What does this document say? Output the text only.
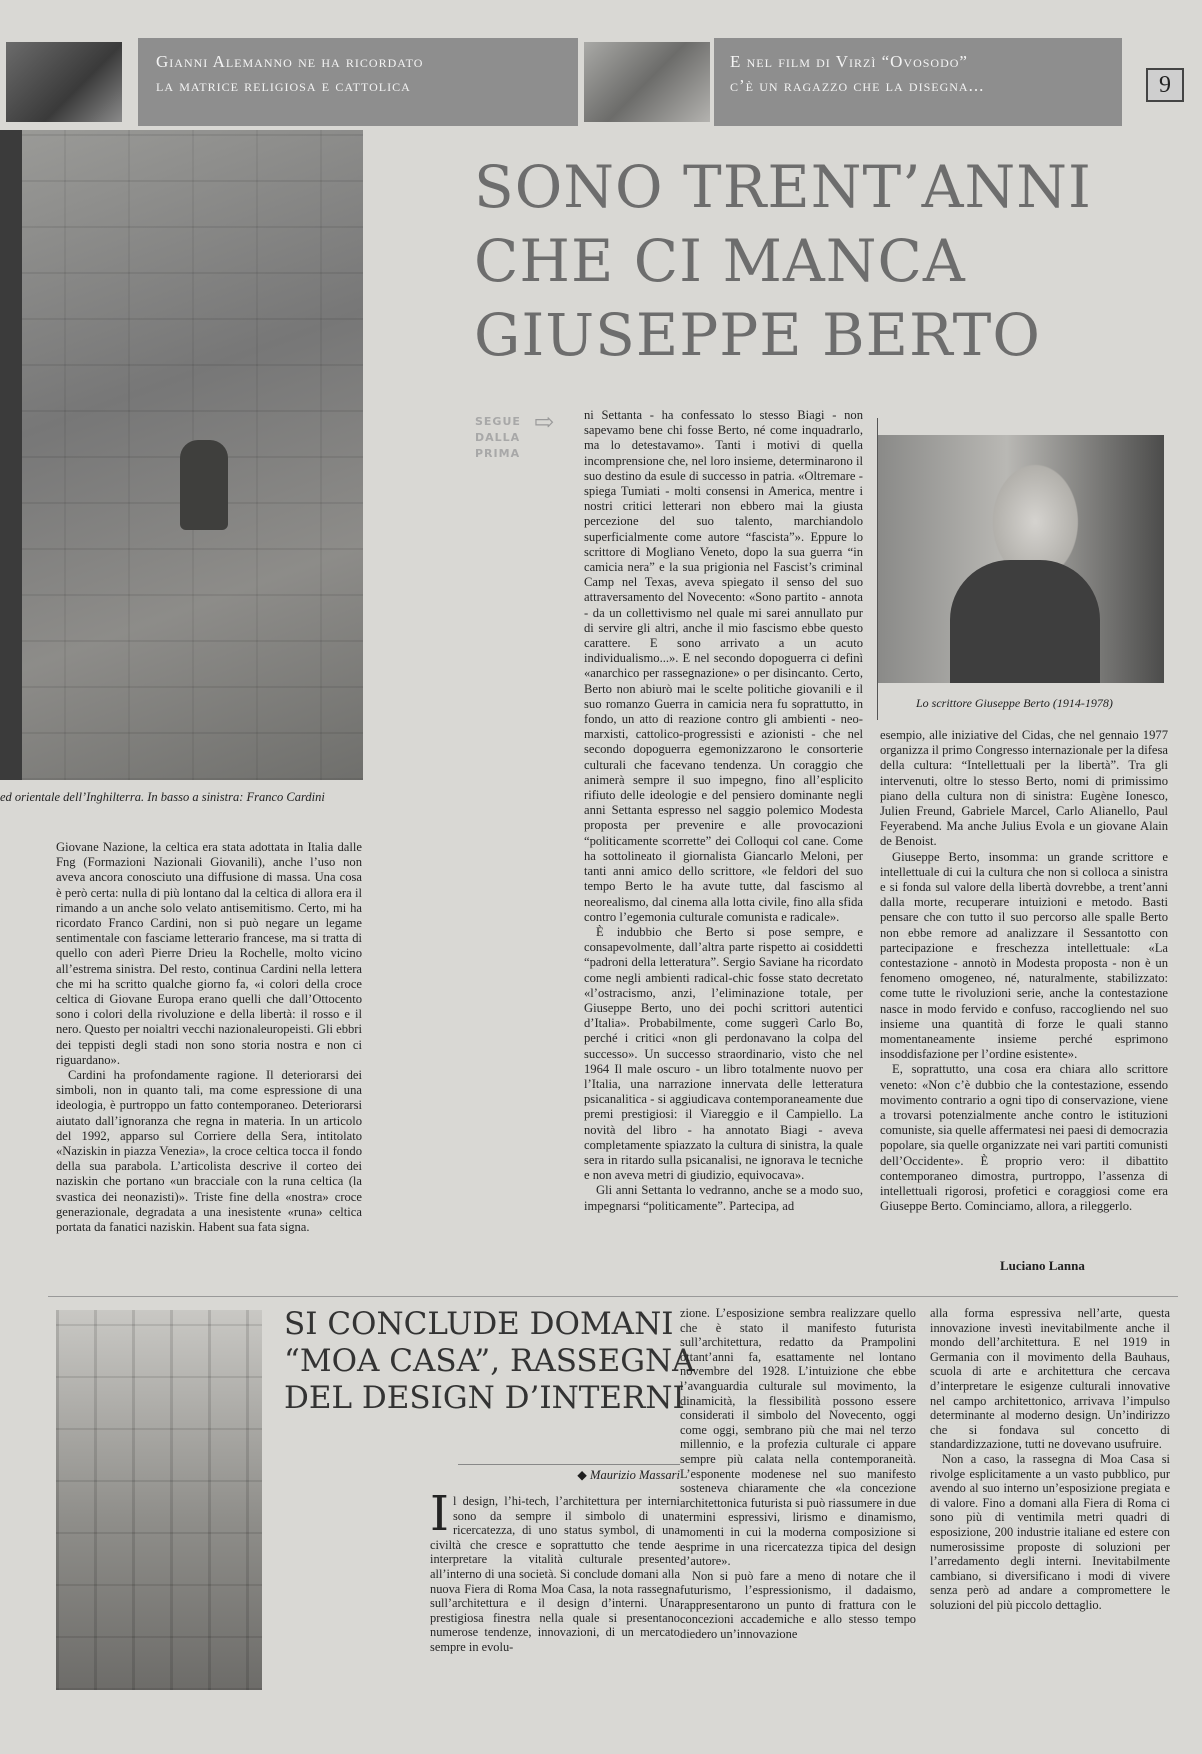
Gianni Alemanno ne ha ricordato
la matrice religiosa e cattolica
E nel film di Virzì “Ovosodo”
c’è un ragazzo che la disegna...	9
ed orientale dell’Inghilterra. In basso a sinistra: Franco Cardini
SONO TRENT’ANNI
CHE CI MANCA
GIUSEPPE BERTO
SEGUE
DALLA
PRIMA
⇨
Lo scrittore Giuseppe Berto (1914-1978)

Giovane Nazione, la celtica era stata adottata in Italia dalle Fng (Formazioni Nazionali Giovanili), anche l’uso non aveva ancora conosciuto una diffusione di massa. Una cosa è però certa: nulla di più lontano dal la celtica di allora era il rimando a un anche solo velato antisemitismo. Certo, mi ha ricordato Franco Cardini, non si può negare un legame sentimentale con fasciame letterario francese, ma si tratta di quello con aderì Pierre Drieu la Rochelle, molto vicino all’estrema sinistra. Del resto, continua Cardini nella lettera che mi ha scritto qualche giorno fa, «i colori della croce celtica di Giovane Europa erano quelli che dall’Ottocento sono i colori della rivoluzione e della libertà: il rosso e il nero. Questo per noialtri vecchi nazionaleuropeisti. Gli ebbri dei teppisti degli stadi non sono storia nostra e non ci riguardano».

Cardini ha profondamente ragione. Il deteriorarsi dei simboli, non in quanto tali, ma come espressione di una ideologia, è purtroppo un fatto contemporaneo. Deteriorarsi aiutato dall’ignoranza che regna in materia. In un articolo del 1992, apparso sul Corriere della Sera, intitolato «Naziskin in piazza Venezia», la croce celtica tocca il fondo della sua parabola. L’articolista descrive il corteo dei naziskin che portano «un bracciale con la runa celtica (la svastica dei neonazisti)». Triste fine della «nostra» croce generazionale, degradata a una inesistente «runa» celtica portata da fanatici naziskin. Habent sua fata signa.

ni Settanta - ha confessato lo stesso Biagi - non sapevamo bene chi fosse Berto, né come inquadrarlo, ma lo detestavamo». Tanti i motivi di quella incomprensione che, nel loro insieme, determinarono il suo destino da esule di successo in patria. «Oltremare - spiega Tumiati - molti consensi in America, mentre i nostri critici letterari non ebbero mai la giusta percezione del suo talento, marchiandolo superficialmente come autore “fascista”». Eppure lo scrittore di Mogliano Veneto, dopo la sua guerra “in camicia nera” e la sua prigionia nel Fascist’s criminal Camp nel Texas, aveva spiegato il senso del suo attraversamento del Novecento: «Sono partito - annota - da un collettivismo nel quale mi sarei annullato pur di servire gli altri, anche il mio fascismo ebbe questo carattere. E sono arrivato a un acuto individualismo...». E nel secondo dopoguerra ci definì «anarchico per rassegnazione» o per disincanto. Certo, Berto non abiurò mai le scelte politiche giovanili e il suo romanzo Guerra in camicia nera fu soprattutto, in fondo, un atto di reazione contro gli ambienti - neo-marxisti, cattolico-progressisti e azionisti - che nel secondo dopoguerra egemonizzarono le consorterie culturali che facevano tendenza. Un coraggio che animerà sempre il suo impegno, fino all’esplicito rifiuto delle ideologie e del pensiero dominante negli anni Settanta espresso nel saggio polemico Modesta proposta per prevenire e alle provocazioni “politicamente scorrette” dei Colloqui col cane. Come ha sottolineato il giornalista Giancarlo Meloni, per tanti anni amico dello scrittore, «le feldori del suo tempo Berto le ha avute tutte, dal fascismo al neorealismo, dal cinema alla lotta civile, fino alla sfida contro l’egemonia culturale comunista e radicale».

È indubbio che Berto si pose sempre, e consapevolmente, dall’altra parte rispetto ai cosiddetti “padroni della letteratura”. Sergio Saviane ha ricordato come negli ambienti radical-chic fosse stato decretato «l’ostracismo, anzi, l’eliminazione totale, per Giuseppe Berto, uno dei pochi scrittori autentici d’Italia». Probabilmente, come suggerì Carlo Bo, perché i critici «non gli perdonavano la colpa del successo». Un successo straordinario, visto che nel 1964 Il male oscuro - un libro totalmente nuovo per l’Italia, una narrazione innervata delle letteratura psicanalitica - si aggiudicava contemporaneamente due premi prestigiosi: il Viareggio e il Campiello. La novità del libro - ha annotato Biagi - aveva completamente spiazzato la cultura di sinistra, la quale sera in ritardo sulla psicanalisi, ne ignorava le tecniche e non aveva metri di giudizio, equivocava».

Gli anni Settanta lo vedranno, anche se a modo suo, impegnarsi “politicamente”. Partecipa, ad

esempio, alle iniziative del Cidas, che nel gennaio 1977 organizza il primo Congresso internazionale per la difesa della cultura: “Intellettuali per la libertà”. Tra gli intervenuti, oltre lo stesso Berto, nomi di primissimo piano della cultura non di sinistra: Eugène Ionesco, Julien Freund, Gabriele Marcel, Carlo Alianello, Paul Feyerabend. Ma anche Julius Evola e un giovane Alain de Benoist.

Giuseppe Berto, insomma: un grande scrittore e intellettuale di cui la cultura che non si colloca a sinistra e si fonda sul valore della libertà dovrebbe, a trent’anni dalla morte, recuperare intuizioni e metodo. Basti pensare che con tutto il suo percorso alle spalle Berto non ebbe remore ad analizzare il Sessantotto con partecipazione e freschezza intellettuale: «La contestazione - annotò in Modesta proposta - non è un fenomeno omogeneo, né, naturalmente, stabilizzato: come tutte le rivoluzioni serie, anche la contestazione nasce in modo fervido e confuso, raccogliendo nel suo insieme una quantità di forze le quali stanno momentaneamente insieme perché esprimono insoddisfazione per l’ordine esistente».

E, soprattutto, una cosa era chiara allo scrittore veneto: «Non c’è dubbio che la contestazione, essendo movimento contrario a ogni tipo di conservazione, viene a trovarsi potenzialmente anche contro le istituzioni comuniste, sia quelle affermatesi nei paesi di democrazia popolare, sia quelle organizzate nei vari partiti comunisti dell’Occidente». È proprio vero: il dibattito contemporaneo dimostra, purtroppo, l’assenza di intellettuali rigorosi, profetici e coraggiosi come era Giuseppe Berto. Cominciamo, allora, a rileggerlo.

Luciano Lanna
SI CONCLUDE DOMANI
“MOA CASA”, RASSEGNA
DEL DESIGN D’INTERNI
◆ Maurizio Massari

Il design, l’hi-tech, l’architettura per interni sono da sempre il simbolo di una ricercatezza, di uno status symbol, di una civiltà che cresce e soprattutto che tende a interpretare la vitalità culturale presente all’interno di una società. Si conclude domani alla nuova Fiera di Roma Moa Casa, la nota rassegna sull’architettura e il design d’interni. Una prestigiosa finestra nella quale si presentano numerose tendenze, innovazioni, di un mercato sempre in evolu-

zione. L’esposizione sembra realizzare quello che è stato il manifesto futurista sull’architettura, redatto da Prampolini ottant’anni fa, esattamente nel lontano novembre del 1928. L’intuizione che ebbe l’avanguardia culturale sul movimento, la dinamicità, la flessibilità possono essere considerati il simbolo del Novecento, oggi come oggi, sembrano più che mai nel terzo millennio, e la profezia culturale ci appare sempre più calata nella contemporaneità. L’esponente modenese nel suo manifesto sosteneva chiaramente che «la concezione architettonica futurista si può riassumere in due termini espressivi, lirismo e dinamismo, momenti in cui la moderna composizione si esprime in una ricercatezza tipica del design d’autore».

Non si può fare a meno di notare che il futurismo, l’espressionismo, il dadaismo, rappresentarono un punto di frattura con le concezioni accademiche e allo stesso tempo diedero un’innovazione

alla forma espressiva nell’arte, questa innovazione investì inevitabilmente anche il mondo dell’architettura. E nel 1919 in Germania con il movimento della Bauhaus, scuola di arte e architettura che cercava d’interpretare le esigenze culturali innovative nel campo architettonico, arrivava l’impulso determinante al moderno design. Un’indirizzo che si fondava sul concetto di standardizzazione, tutti ne dovevano usufruire.

Non a caso, la rassegna di Moa Casa si rivolge esplicitamente a un vasto pubblico, pur avendo al suo interno un’esposizione pregiata e di valore. Fino a domani alla Fiera di Roma ci sono più di ventimila metri quadri di esposizione, 200 industrie italiane ed estere con numerosissime proposte di soluzioni per l’arredamento degli interni. Inevitabilmente cambiano, si diversificano i modi di vivere senza però ad andare a compromettere le soluzioni del più piccolo dettaglio.
